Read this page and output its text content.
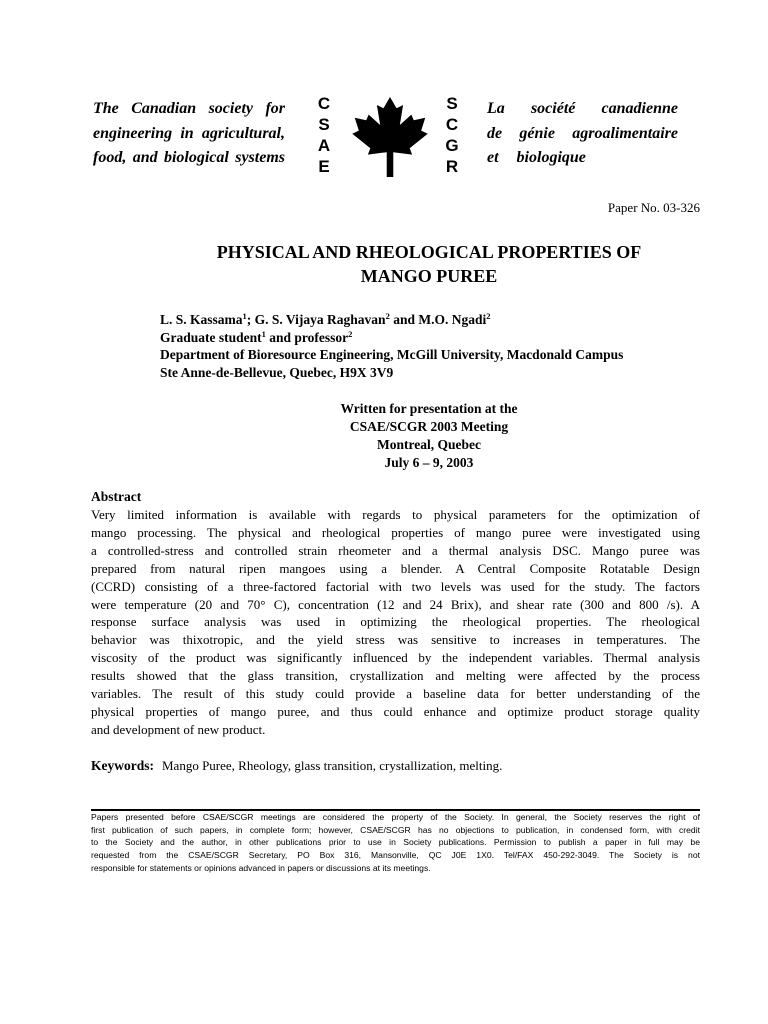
The Canadian society for
engineering in agricultural,
food, and biological systems
C
S
A
E
S
C
G
R
La société canadienne
de génie agroalimentaire
et biologique
Paper No. 03-326
PHYSICAL AND RHEOLOGICAL PROPERTIES OF
MANGO PUREE
L. S. Kassama$^1$; G. S. Vijaya Raghavan$^2$ and M.O. Ngadi$^2$
Graduate student$^1$ and professor$^2$
Department of Bioresource Engineering, McGill University, Macdonald Campus
Ste Anne-de-Bellevue, Quebec, H9X 3V9
Written for presentation at the
CSAE/SCGR 2003 Meeting
Montreal, Quebec
July 6 – 9, 2003
Abstract
Very limited information is available with regards to physical parameters for the optimization of
mango processing. The physical and rheological properties of mango puree were investigated using
a controlled-stress and controlled strain rheometer and a thermal analysis DSC. Mango puree was
prepared from natural ripen mangoes using a blender. A Central Composite Rotatable Design
(CCRD) consisting of a three-factored factorial with two levels was used for the study. The factors
were temperature (20 and 70° C), concentration (12 and 24 Brix), and shear rate (300 and 800 /s). A
response surface analysis was used in optimizing the rheological properties. The rheological
behavior was thixotropic, and the yield stress was sensitive to increases in temperatures. The
viscosity of the product was significantly influenced by the independent variables. Thermal analysis
results showed that the glass transition, crystallization and melting were affected by the process
variables. The result of this study could provide a baseline data for better understanding of the
physical properties of mango puree, and thus could enhance and optimize product storage quality
and development of new product.
Keywords: Mango Puree, Rheology, glass transition, crystallization, melting.
Papers presented before CSAE/SCGR meetings are considered the property of the Society. In general, the Society reserves the right of
first publication of such papers, in complete form; however, CSAE/SCGR has no objections to publication, in condensed form, with credit
to the Society and the author, in other publications prior to use in Society publications. Permission to publish a paper in full may be
requested from the CSAE/SCGR Secretary, PO Box 316, Mansonville, QC J0E 1X0. Tel/FAX 450-292-3049. The Society is not
responsible for statements or opinions advanced in papers or discussions at its meetings.
